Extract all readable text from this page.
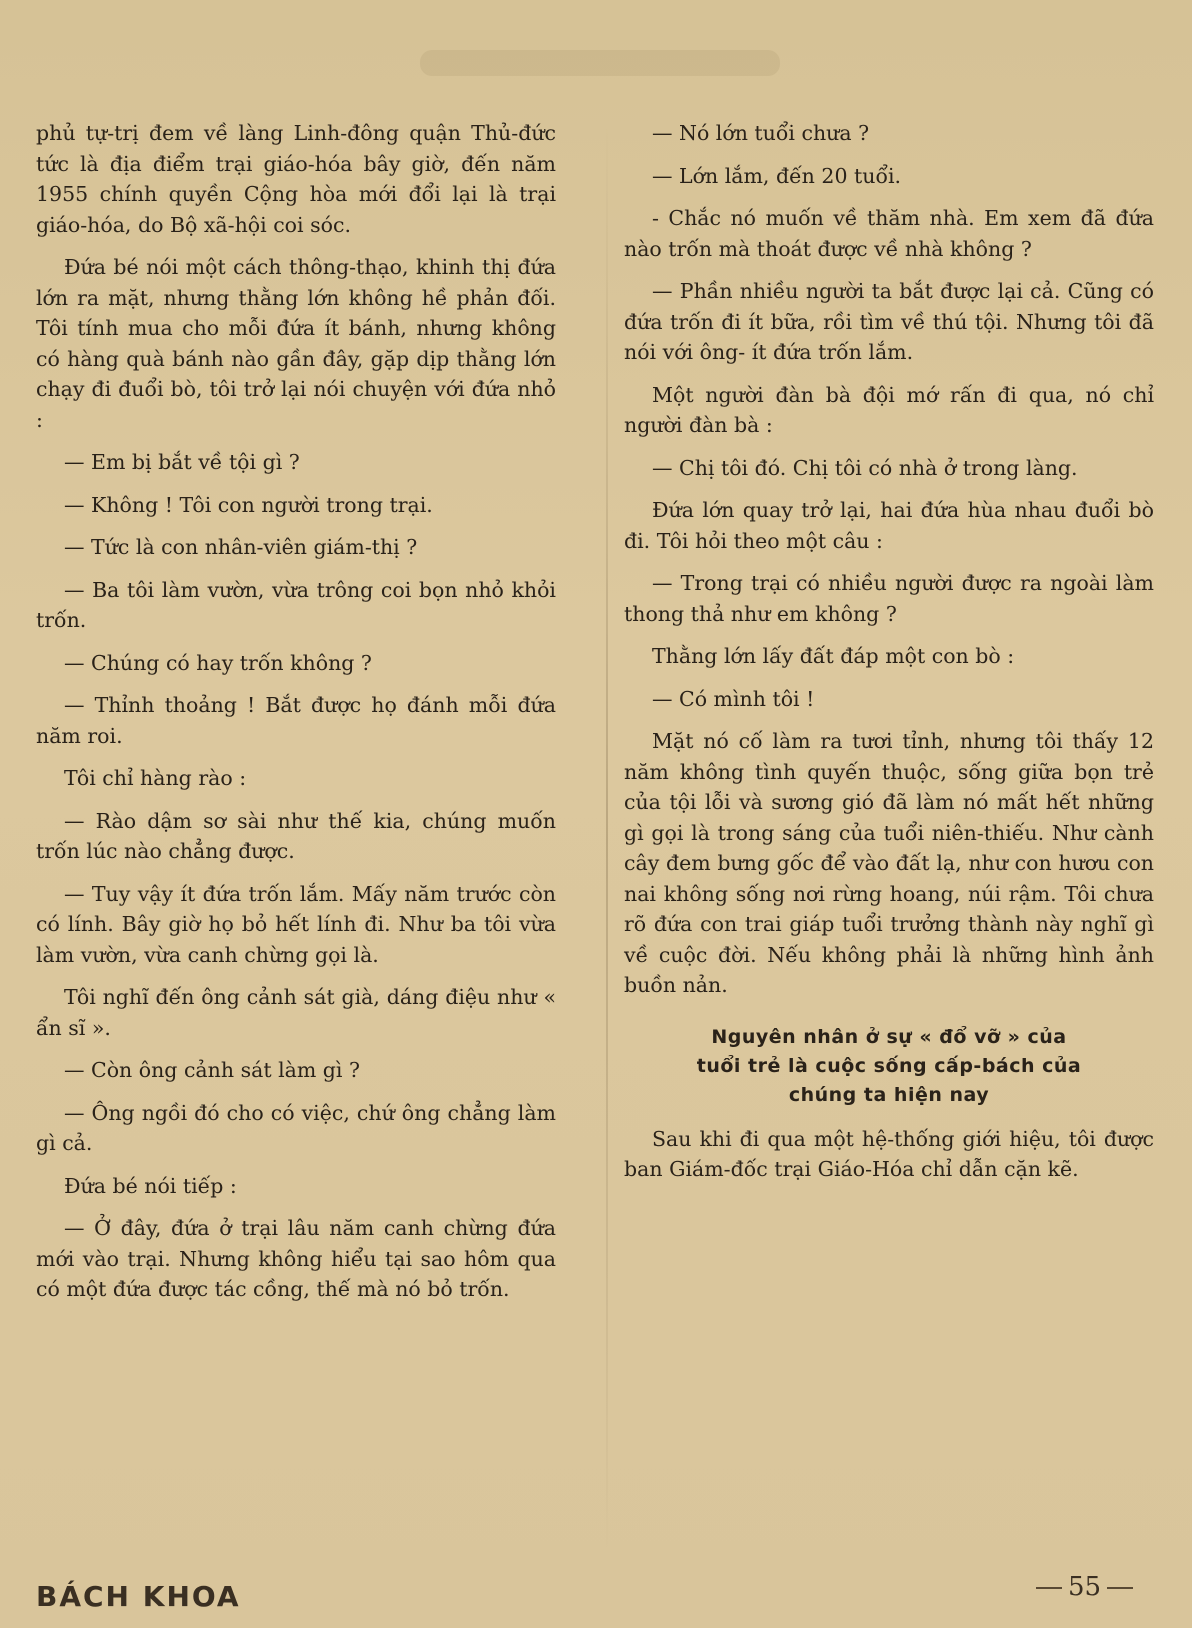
phủ tự-trị đem về làng Linh-đông quận Thủ-đức tức là địa điểm trại giáo-hóa bây giờ, đến năm 1955 chính quyền Cộng hòa mới đổi lại là trại giáo-hóa, do Bộ xã-hội coi sóc.

Đứa bé nói một cách thông-thạo, khinh thị đứa lớn ra mặt, nhưng thằng lớn không hề phản đối. Tôi tính mua cho mỗi đứa ít bánh, nhưng không có hàng quà bánh nào gần đây, gặp dịp thằng lớn chạy đi đuổi bò, tôi trở lại nói chuyện với đứa nhỏ :

— Em bị bắt về tội gì ?

— Không ! Tôi con người trong trại.

— Tức là con nhân-viên giám-thị ?

— Ba tôi làm vườn, vừa trông coi bọn nhỏ khỏi trốn.

— Chúng có hay trốn không ?

— Thỉnh thoảng ! Bắt được họ đánh mỗi đứa năm roi.

Tôi chỉ hàng rào :

— Rào dậm sơ sài như thế kia, chúng muốn trốn lúc nào chẳng được.

— Tuy vậy ít đứa trốn lắm. Mấy năm trước còn có lính. Bây giờ họ bỏ hết lính đi. Như ba tôi vừa làm vườn, vừa canh chừng gọi là.

Tôi nghĩ đến ông cảnh sát già, dáng điệu như « ẩn sĩ ».

— Còn ông cảnh sát làm gì ?

— Ông ngồi đó cho có việc, chứ ông chẳng làm gì cả.

Đứa bé nói tiếp :

— Ở đây, đứa ở trại lâu năm canh chừng đứa mới vào trại. Nhưng không hiểu tại sao hôm qua có một đứa được tác cồng, thế mà nó bỏ trốn.

— Nó lớn tuổi chưa ?

— Lớn lắm, đến 20 tuổi.

- Chắc nó muốn về thăm nhà. Em xem đã đứa nào trốn mà thoát được về nhà không ?

— Phần nhiều người ta bắt được lại cả. Cũng có đứa trốn đi ít bữa, rồi tìm về thú tội. Nhưng tôi đã nói với ông- ít đứa trốn lắm.

Một người đàn bà đội mớ rấn đi qua, nó chỉ người đàn bà :

— Chị tôi đó. Chị tôi có nhà ở trong làng.

Đứa lớn quay trở lại, hai đứa hùa nhau đuổi bò đi. Tôi hỏi theo một câu :

— Trong trại có nhiều người được ra ngoài làm thong thả như em không ?

Thằng lớn lấy đất đáp một con bò :

— Có mình tôi !

Mặt nó cố làm ra tươi tỉnh, nhưng tôi thấy 12 năm không tình quyến thuộc, sống giữa bọn trẻ của tội lỗi và sương gió đã làm nó mất hết những gì gọi là trong sáng của tuổi niên-thiếu. Như cành cây đem bưng gốc để vào đất lạ, như con hươu con nai không sống nơi rừng hoang, núi rậm. Tôi chưa rõ đứa con trai giáp tuổi trưởng thành này nghĩ gì về cuộc đời. Nếu không phải là những hình ảnh buồn nản.

Nguyên nhân ở sự « đổ vỡ » của
tuổi trẻ là cuộc sống cấp-bách của
chúng ta hiện nay

Sau khi đi qua một hệ-thống giới hiệu, tôi được ban Giám-đốc trại Giáo-Hóa chỉ dẫn cặn kẽ.

BÁCH KHOA	55
